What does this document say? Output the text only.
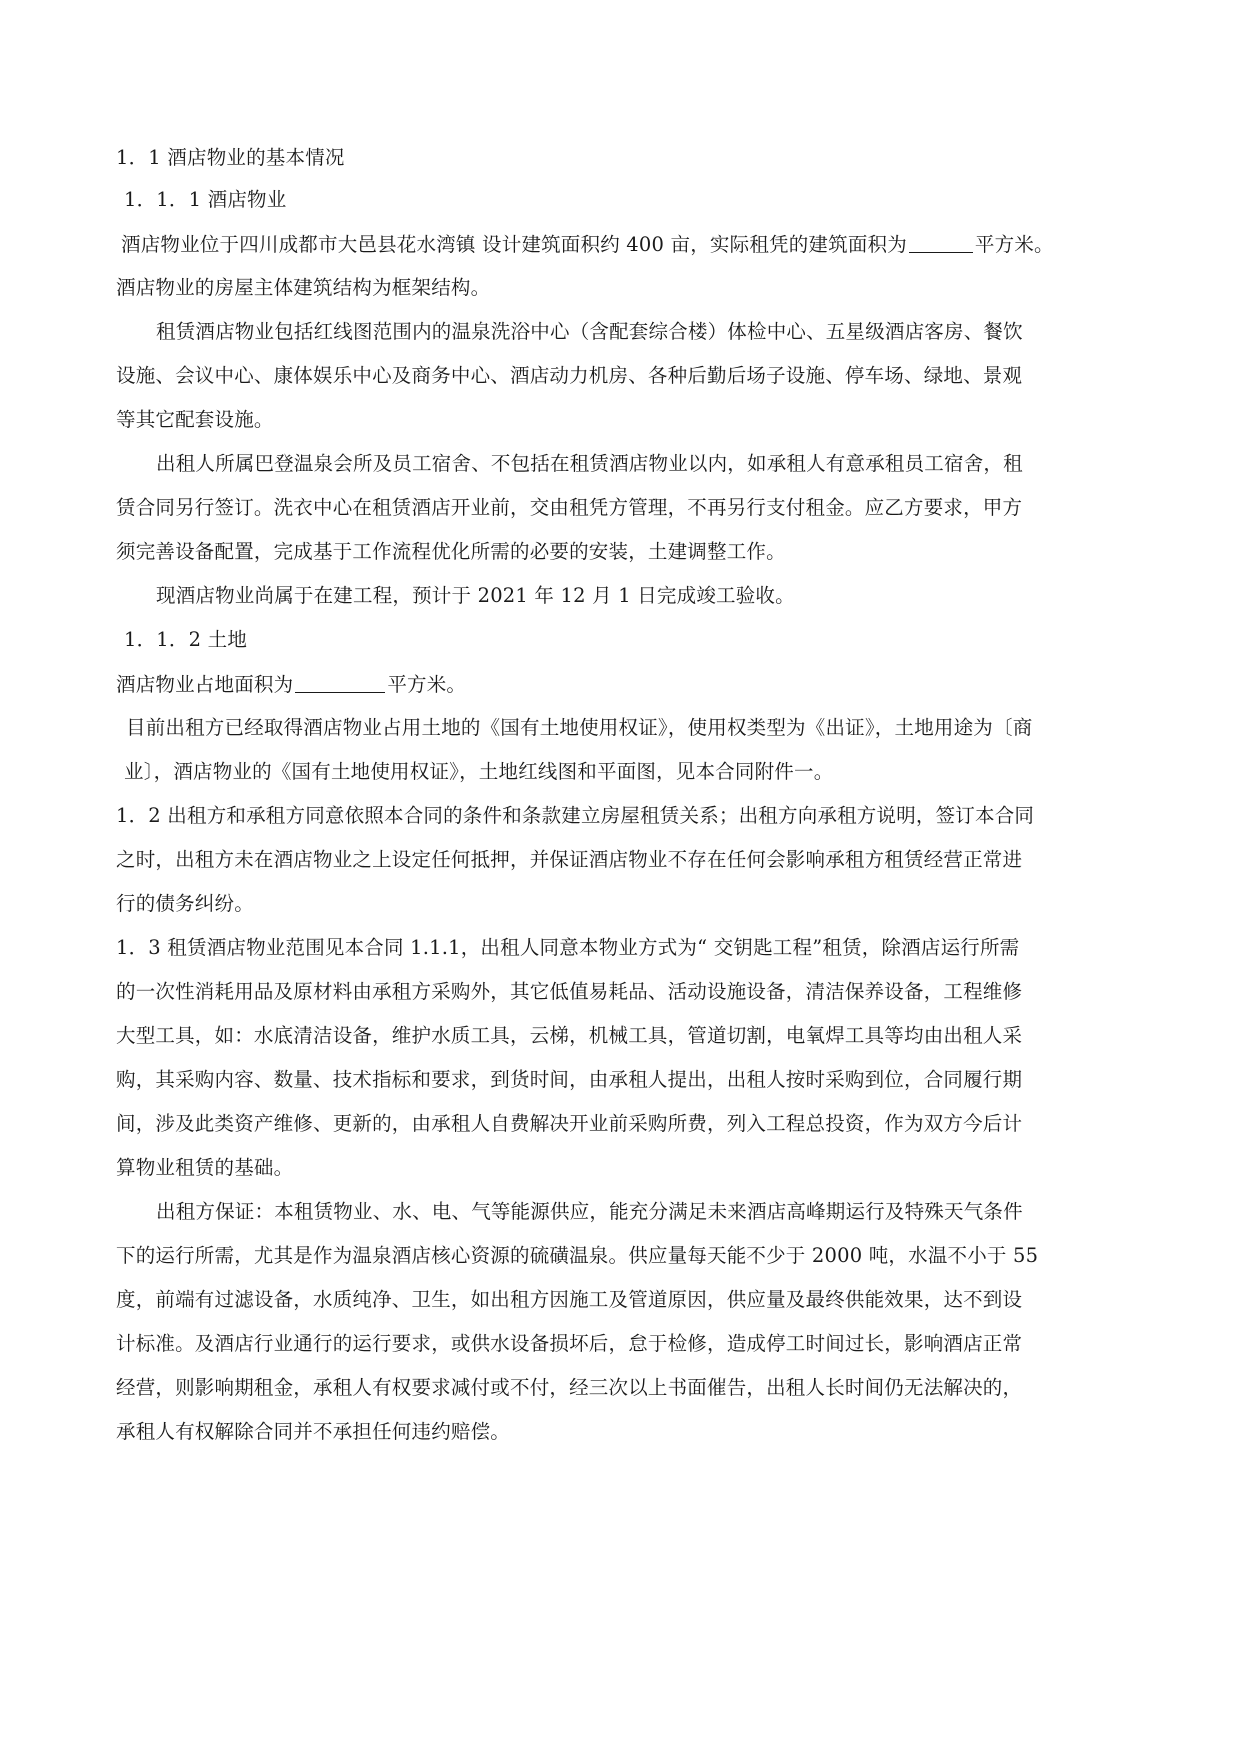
1．1 酒店物业的基本情况
1．1．1 酒店物业
酒店物业位于四川成都市大邑县花水湾镇 设计建筑面积约 400 亩，实际租凭的建筑面积为	平方米。
酒店物业的房屋主体建筑结构为框架结构。
租赁酒店物业包括红线图范围内的温泉洗浴中心（含配套综合楼）体检中心、五星级酒店客房、餐饮
设施、会议中心、康体娱乐中心及商务中心、酒店动力机房、各种后勤后场子设施、停车场、绿地、景观
等其它配套设施。
出租人所属巴登温泉会所及员工宿舍、不包括在租赁酒店物业以内，如承租人有意承租员工宿舍，租
赁合同另行签订。洗衣中心在租赁酒店开业前，交由租凭方管理，不再另行支付租金。应乙方要求，甲方
须完善设备配置，完成基于工作流程优化所需的必要的安装，土建调整工作。
现酒店物业尚属于在建工程，预计于 2021 年 12 月 1 日完成竣工验收。
1．1．2 土地
酒店物业占地面积为	平方米。
目前出租方已经取得酒店物业占用土地的《国有土地使用权证》，使用权类型为《出证》，土地用途为〔商
业〕，酒店物业的《国有土地使用权证》，土地红线图和平面图，见本合同附件一。
1．2 出租方和承租方同意依照本合同的条件和条款建立房屋租赁关系；出租方向承租方说明，签订本合同
之时，出租方未在酒店物业之上设定任何抵押，并保证酒店物业不存在任何会影响承租方租赁经营正常进
行的债务纠纷。
1．3 租赁酒店物业范围见本合同 1.1.1，出租人同意本物业方式为“ 交钥匙工程”租赁，除酒店运行所需
的一次性消耗用品及原材料由承租方采购外，其它低值易耗品、活动设施设备，清洁保养设备，工程维修
大型工具，如：水底清洁设备，维护水质工具，云梯，机械工具，管道切割，电氧焊工具等均由出租人采
购，其采购内容、数量、技术指标和要求，到货时间，由承租人提出，出租人按时采购到位，合同履行期
间，涉及此类资产维修、更新的，由承租人自费解决开业前采购所费，列入工程总投资，作为双方今后计
算物业租赁的基础。
出租方保证：本租赁物业、水、电、气等能源供应，能充分满足未来酒店高峰期运行及特殊天气条件
下的运行所需，尤其是作为温泉酒店核心资源的硫磺温泉。供应量每天能不少于 2000 吨，水温不小于 55
度，前端有过滤设备，水质纯净、卫生，如出租方因施工及管道原因，供应量及最终供能效果，达不到设
计标准。及酒店行业通行的运行要求，或供水设备损坏后，怠于检修，造成停工时间过长，影响酒店正常
经营，则影响期租金，承租人有权要求减付或不付，经三次以上书面催告，出租人长时间仍无法解决的，
承租人有权解除合同并不承担任何违约赔偿。
